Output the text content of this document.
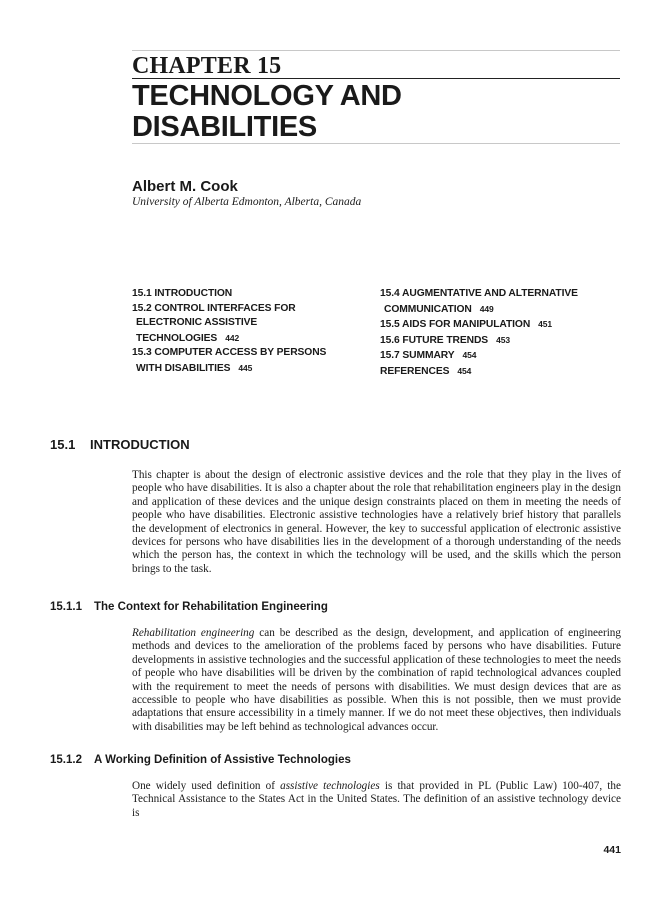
CHAPTER 15
TECHNOLOGY AND
DISABILITIES
Albert M. Cook
University of Alberta Edmonton, Alberta, Canada
15.1 INTRODUCTION
15.2 CONTROL INTERFACES FOR
ELECTRONIC ASSISTIVE
TECHNOLOGIES 442
15.3 COMPUTER ACCESS BY PERSONS
WITH DISABILITIES 445
15.4 AUGMENTATIVE AND ALTERNATIVE
COMMUNICATION 449
15.5 AIDS FOR MANIPULATION 451
15.6 FUTURE TRENDS 453
15.7 SUMMARY 454
REFERENCES 454
15.1 INTRODUCTION

This chapter is about the design of electronic assistive devices and the role that they play in the lives of people who have disabilities. It is also a chapter about the role that rehabilitation engineers play in the design and application of these devices and the unique design constraints placed on them in meeting the needs of people who have disabilities. Electronic assistive technologies have a relatively brief history that parallels the development of electronics in general. However, the key to successful application of electronic assistive devices for persons who have disabilities lies in the development of a thorough understanding of the needs which the person has, the context in which the technology will be used, and the skills which the person brings to the task.

15.1.1 The Context for Rehabilitation Engineering

Rehabilitation engineering can be described as the design, development, and application of engineering methods and devices to the amelioration of the problems faced by persons who have disabilities. Future developments in assistive technologies and the successful application of these technologies to meet the needs of people who have disabilities will be driven by the combination of rapid technological advances coupled with the requirement to meet the needs of persons with disabilities. We must design devices that are as accessible to people who have disabilities as possible. When this is not possible, then we must provide adaptations that ensure accessibility in a timely manner. If we do not meet these objectives, then individuals with disabilities may be left behind as technological advances occur.

15.1.2 A Working Definition of Assistive Technologies

One widely used definition of assistive technologies is that provided in PL (Public Law) 100-407, the Technical Assistance to the States Act in the United States. The definition of an assistive technology device is

441
